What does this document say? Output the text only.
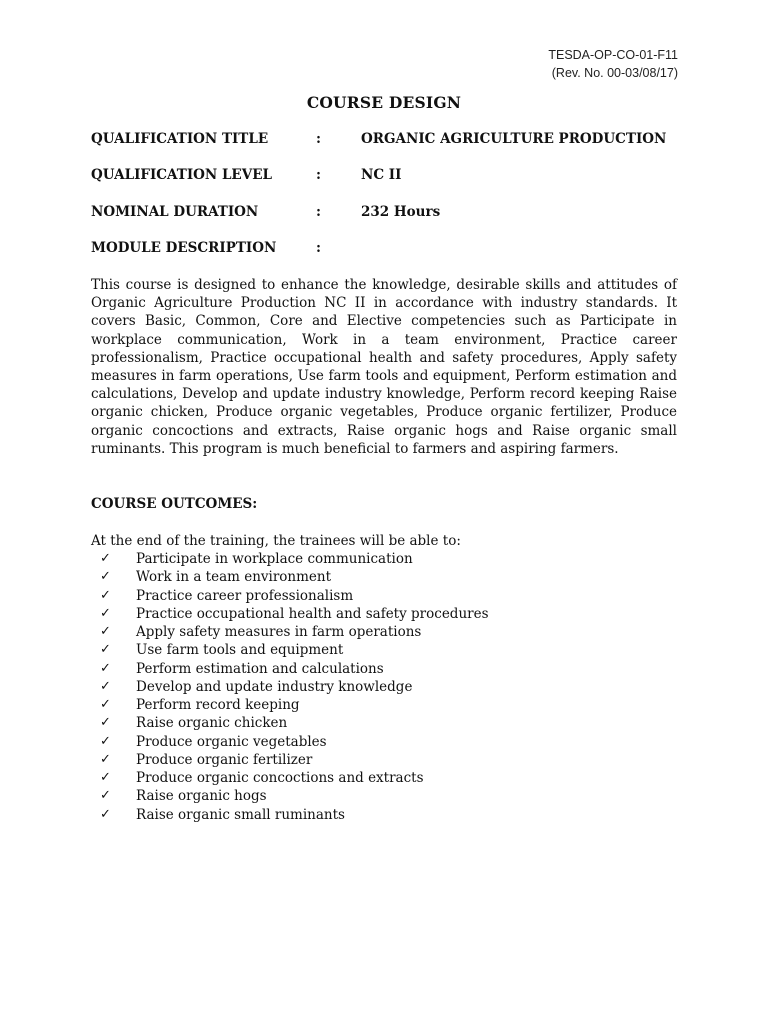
TESDA-OP-CO-01-F11
(Rev. No. 00-03/08/17)
COURSE DESIGN
QUALIFICATION TITLE	:	ORGANIC AGRICULTURE PRODUCTION
QUALIFICATION LEVEL	:	NC II
NOMINAL DURATION	:	232 Hours
MODULE DESCRIPTION	:
This course is designed to enhance the knowledge, desirable skills and attitudes of Organic Agriculture Production NC II in accordance with industry standards. It covers Basic, Common, Core and Elective competencies such as Participate in workplace communication, Work in a team environment, Practice career professionalism, Practice occupational health and safety procedures, Apply safety measures in farm operations, Use farm tools and equipment, Perform estimation and calculations, Develop and update industry knowledge, Perform record keeping Raise organic chicken, Produce organic vegetables, Produce organic fertilizer, Produce organic concoctions and extracts, Raise organic hogs and Raise organic small ruminants. This program is much beneficial to farmers and aspiring farmers.
COURSE OUTCOMES:
At the end of the training, the trainees will be able to:
✓ Participate in workplace communication
✓ Work in a team environment
✓ Practice career professionalism
✓ Practice occupational health and safety procedures
✓ Apply safety measures in farm operations
✓ Use farm tools and equipment
✓ Perform estimation and calculations
✓ Develop and update industry knowledge
✓ Perform record keeping
✓ Raise organic chicken
✓ Produce organic vegetables
✓ Produce organic fertilizer
✓ Produce organic concoctions and extracts
✓ Raise organic hogs
✓ Raise organic small ruminants
